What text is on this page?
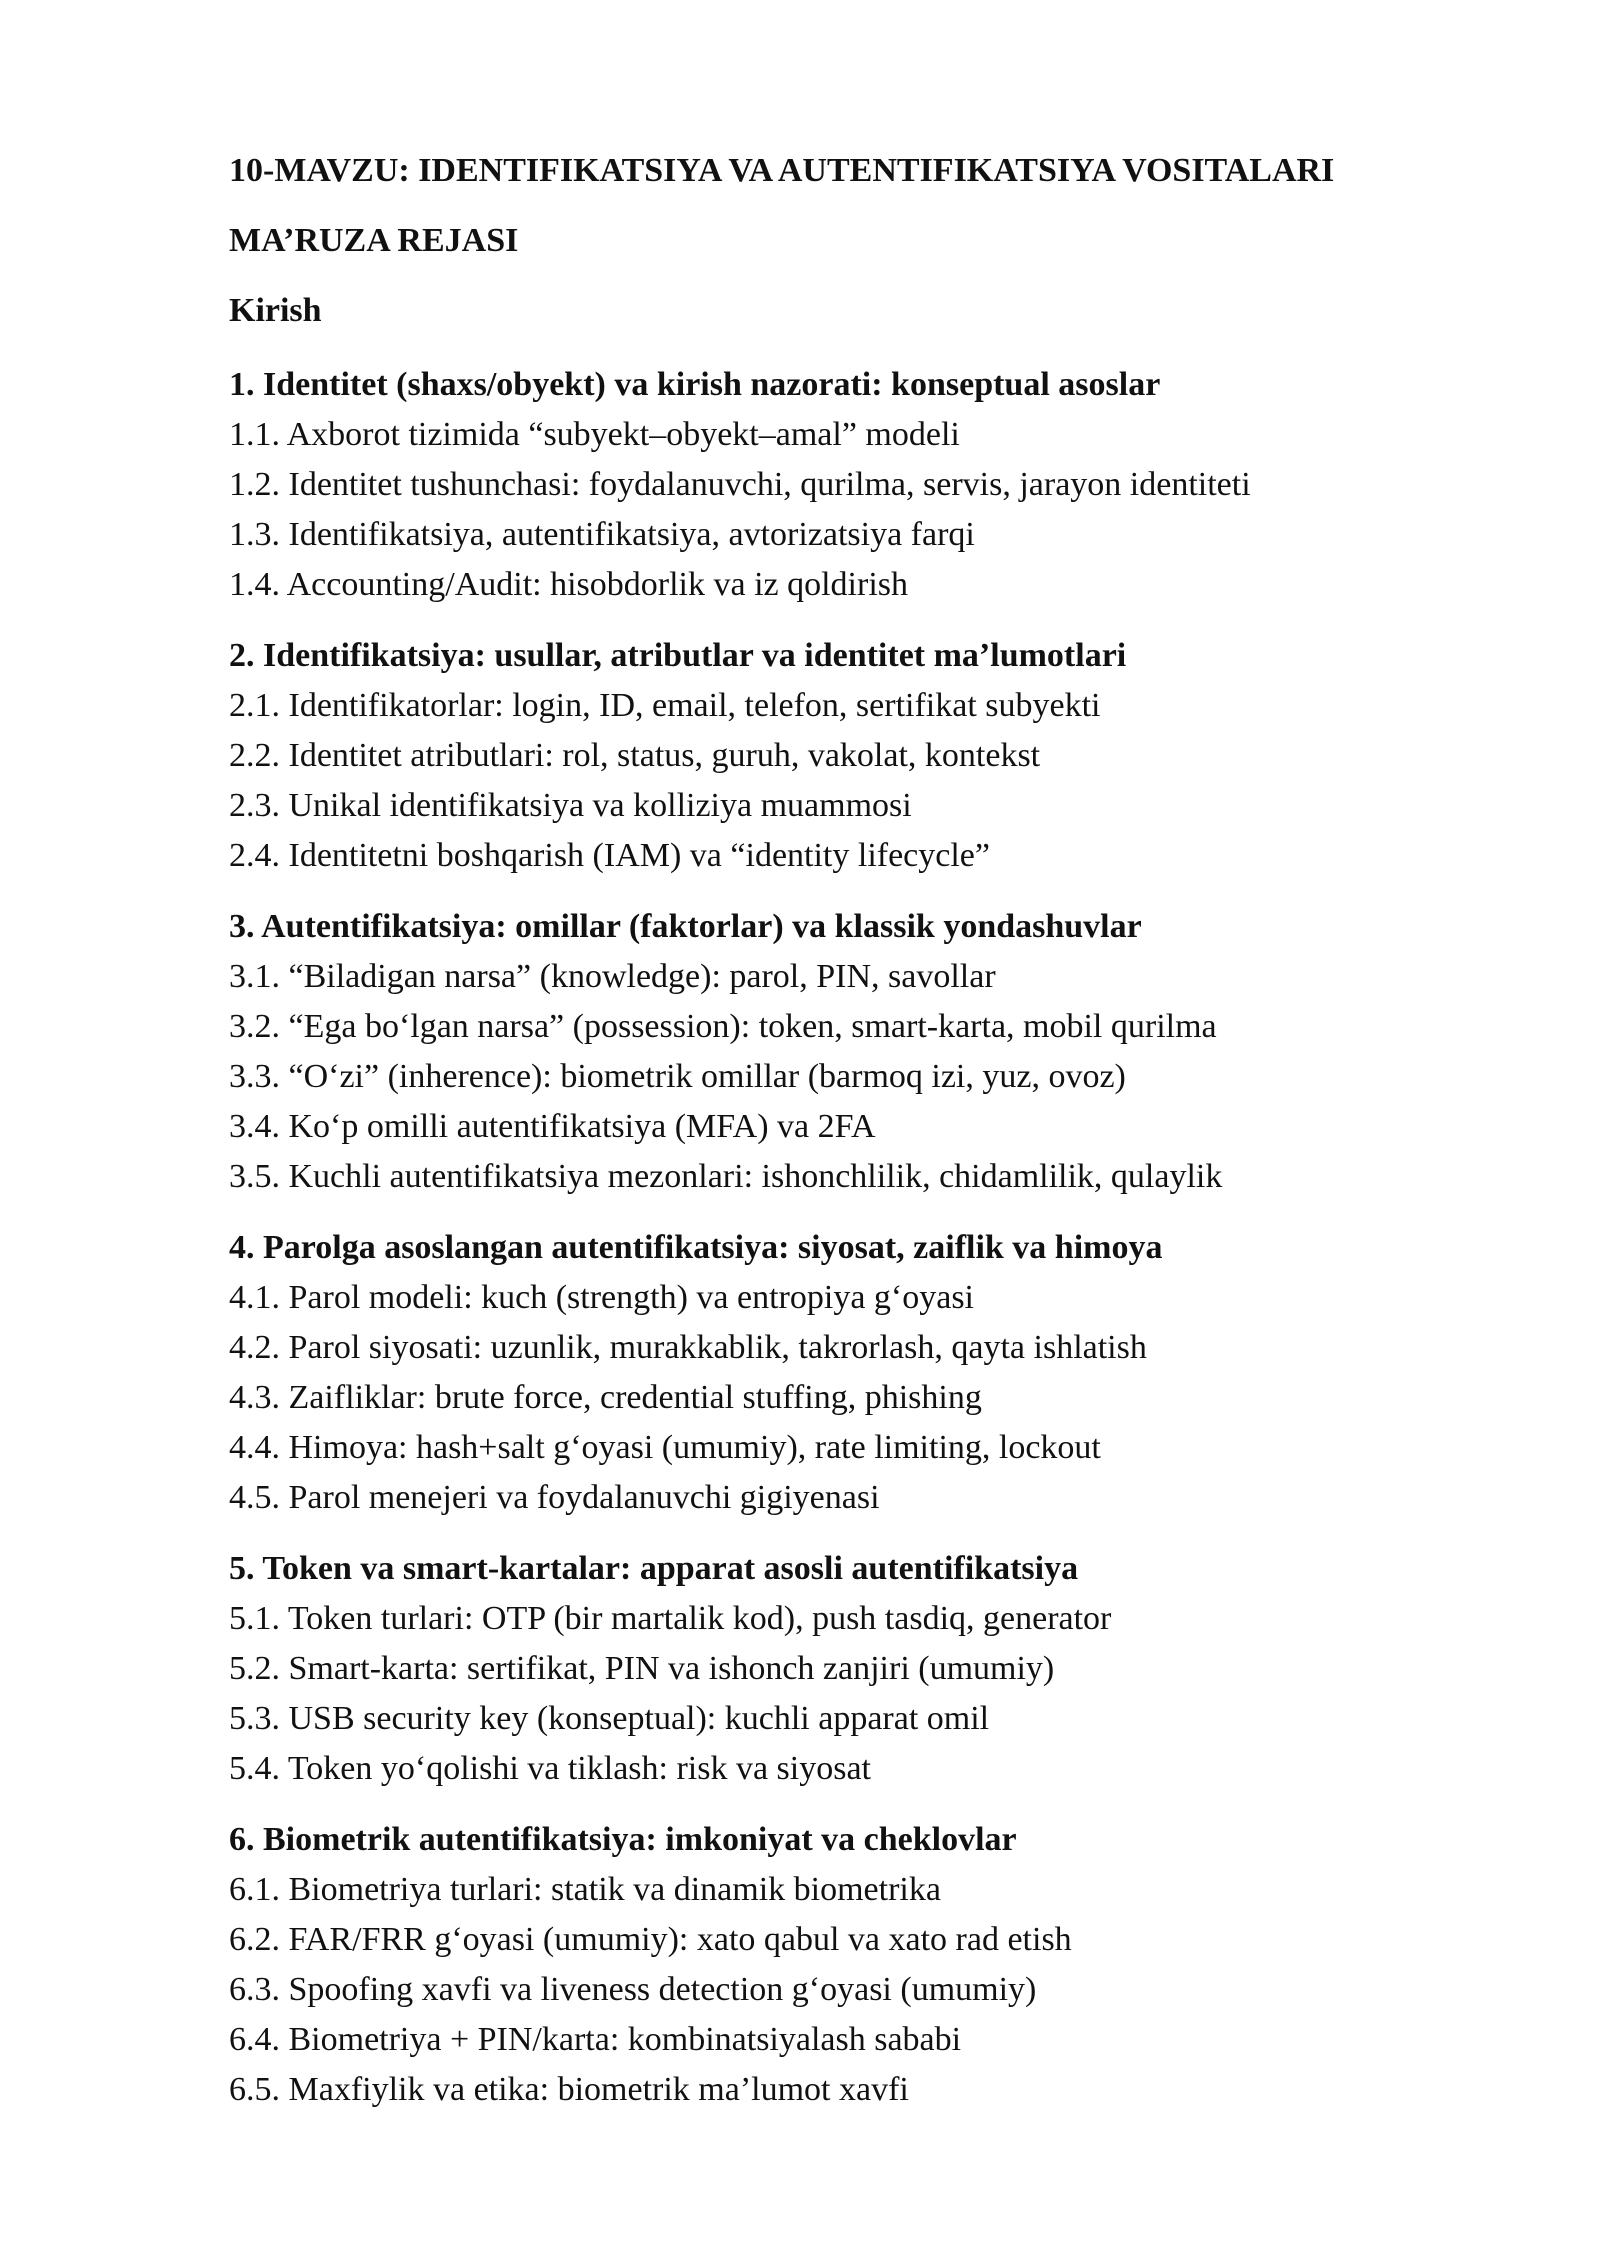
10-MAVZU: IDENTIFIKATSIYA VA AUTENTIFIKATSIYA VOSITALARI
MA’RUZA REJASI
Kirish
1. Identitet (shaxs/obyekt) va kirish nazorati: konseptual asoslar
1.1. Axborot tizimida “subyekt–obyekt–amal” modeli
1.2. Identitet tushunchasi: foydalanuvchi, qurilma, servis, jarayon identiteti
1.3. Identifikatsiya, autentifikatsiya, avtorizatsiya farqi
1.4. Accounting/Audit: hisobdorlik va iz qoldirish
2. Identifikatsiya: usullar, atributlar va identitet ma’lumotlari
2.1. Identifikatorlar: login, ID, email, telefon, sertifikat subyekti
2.2. Identitet atributlari: rol, status, guruh, vakolat, kontekst
2.3. Unikal identifikatsiya va kolliziya muammosi
2.4. Identitetni boshqarish (IAM) va “identity lifecycle”
3. Autentifikatsiya: omillar (faktorlar) va klassik yondashuvlar
3.1. “Biladigan narsa” (knowledge): parol, PIN, savollar
3.2. “Ega bo‘lgan narsa” (possession): token, smart-karta, mobil qurilma
3.3. “O‘zi” (inherence): biometrik omillar (barmoq izi, yuz, ovoz)
3.4. Ko‘p omilli autentifikatsiya (MFA) va 2FA
3.5. Kuchli autentifikatsiya mezonlari: ishonchlilik, chidamlilik, qulaylik
4. Parolga asoslangan autentifikatsiya: siyosat, zaiflik va himoya
4.1. Parol modeli: kuch (strength) va entropiya g‘oyasi
4.2. Parol siyosati: uzunlik, murakkablik, takrorlash, qayta ishlatish
4.3. Zaifliklar: brute force, credential stuffing, phishing
4.4. Himoya: hash+salt g‘oyasi (umumiy), rate limiting, lockout
4.5. Parol menejeri va foydalanuvchi gigiyenasi
5. Token va smart-kartalar: apparat asosli autentifikatsiya
5.1. Token turlari: OTP (bir martalik kod), push tasdiq, generator
5.2. Smart-karta: sertifikat, PIN va ishonch zanjiri (umumiy)
5.3. USB security key (konseptual): kuchli apparat omil
5.4. Token yo‘qolishi va tiklash: risk va siyosat
6. Biometrik autentifikatsiya: imkoniyat va cheklovlar
6.1. Biometriya turlari: statik va dinamik biometrika
6.2. FAR/FRR g‘oyasi (umumiy): xato qabul va xato rad etish
6.3. Spoofing xavfi va liveness detection g‘oyasi (umumiy)
6.4. Biometriya + PIN/karta: kombinatsiyalash sababi
6.5. Maxfiylik va etika: biometrik ma’lumot xavfi
